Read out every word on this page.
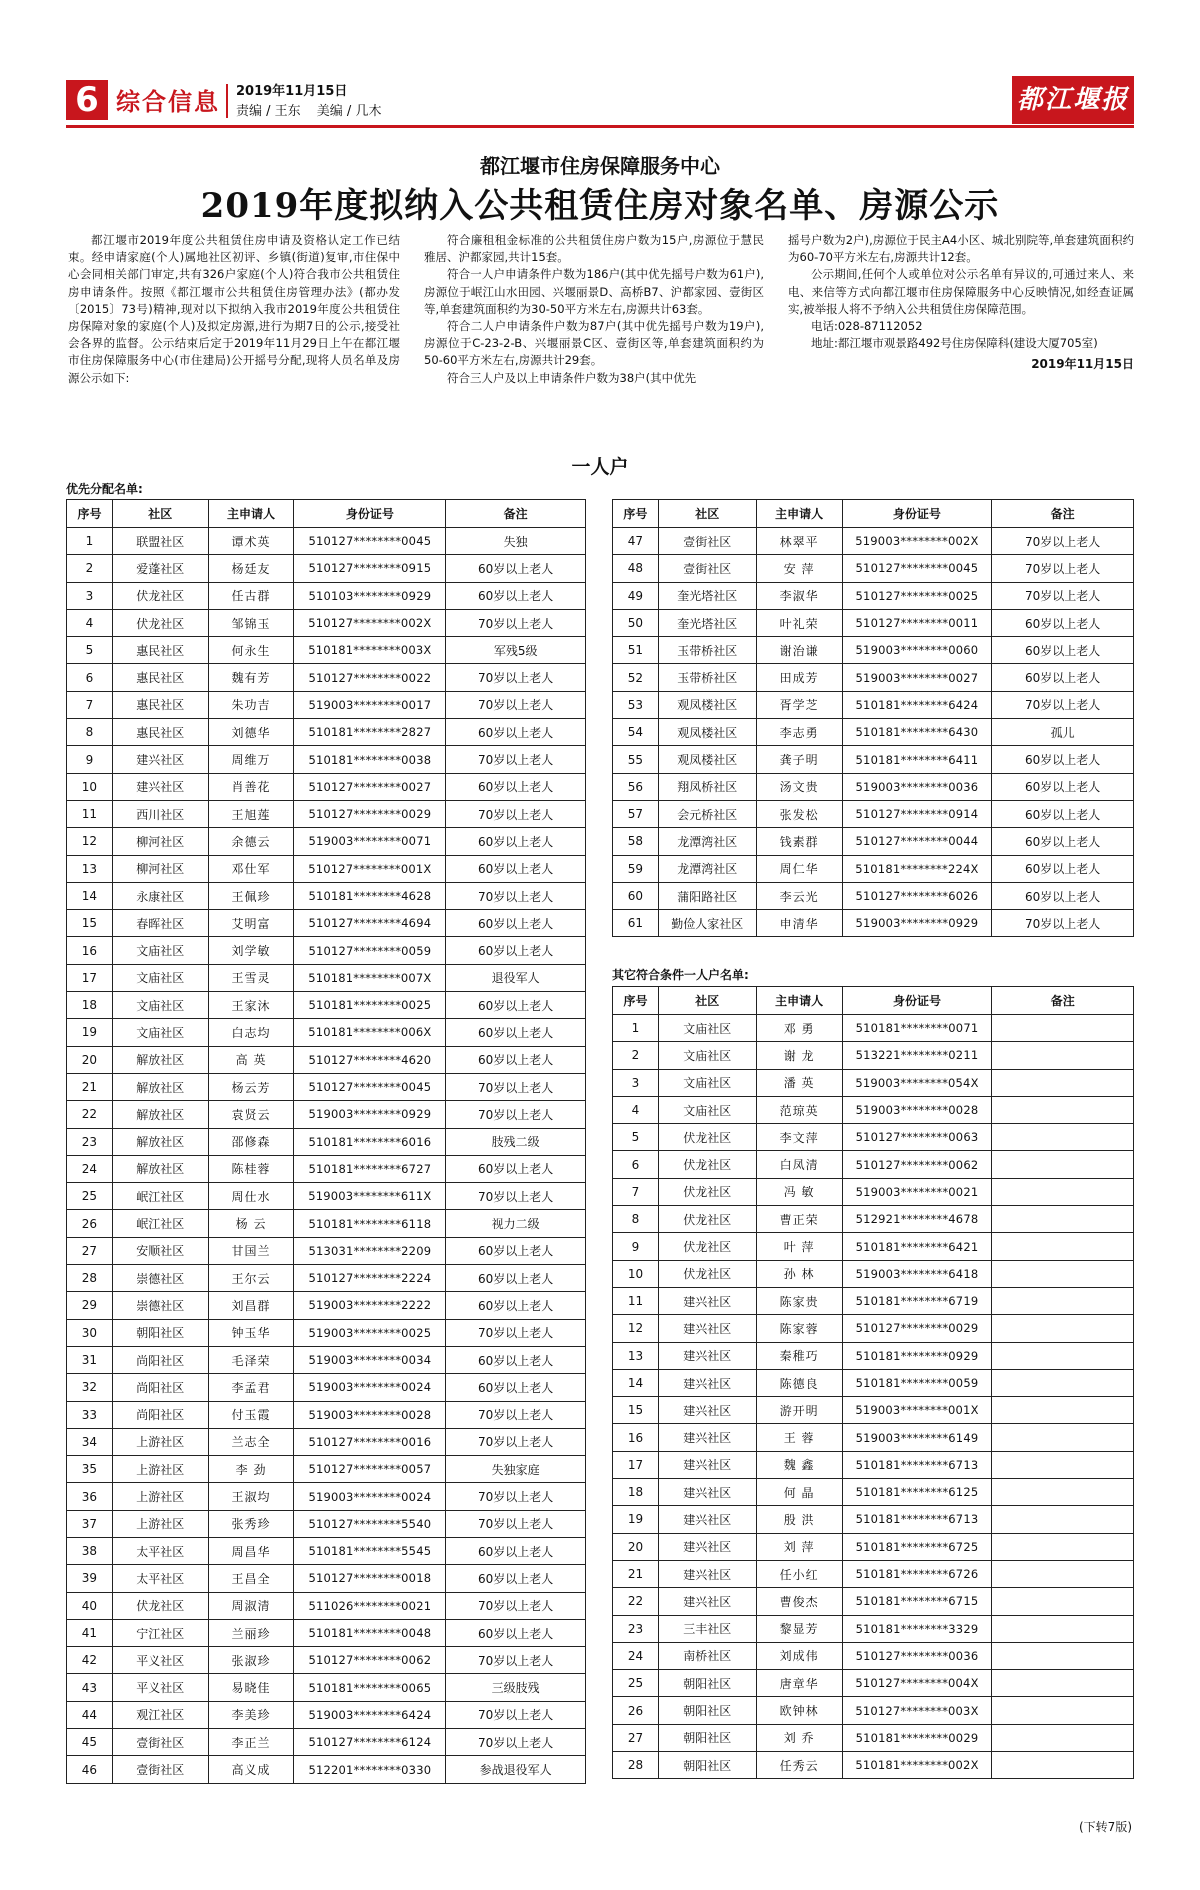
6 综合信息 2019年11月15日
责编 / 王东 美编 / 几木	都江堰报
都江堰市住房保障服务中心
2019年度拟纳入公共租赁住房对象名单、房源公示

都江堰市2019年度公共租赁住房申请及资格认定工作已结束。经申请家庭(个人)属地社区初评、乡镇(街道)复审,市住保中心会同相关部门审定,共有326户家庭(个人)符合我市公共租赁住房申请条件。按照《都江堰市公共租赁住房管理办法》(都办发〔2015〕73号)精神,现对以下拟纳入我市2019年度公共租赁住房保障对象的家庭(个人)及拟定房源,进行为期7日的公示,接受社会各界的监督。公示结束后定于2019年11月29日上午在都江堰市住房保障服务中心(市住建局)公开摇号分配,现将人员名单及房源公示如下:

符合廉租租金标准的公共租赁住房户数为15户,房源位于慧民雅居、沪都家园,共计15套。

符合一人户申请条件户数为186户(其中优先摇号户数为61户),房源位于岷江山水田园、兴堰丽景D、高桥B7、沪都家园、壹街区等,单套建筑面积约为30-50平方米左右,房源共计63套。

符合二人户申请条件户数为87户(其中优先摇号户数为19户),房源位于C-23-2-B、兴堰丽景C区、壹街区等,单套建筑面积约为50-60平方米左右,房源共计29套。

符合三人户及以上申请条件户数为38户(其中优先

摇号户数为2户),房源位于民主A4小区、城北别院等,单套建筑面积约为60-70平方米左右,房源共计12套。

公示期间,任何个人或单位对公示名单有异议的,可通过来人、来电、来信等方式向都江堰市住房保障服务中心反映情况,如经查证属实,被举报人将不予纳入公共租赁住房保障范围。

电话:028-87112052

地址:都江堰市观景路492号住房保障科(建设大厦705室)

2019年11月15日
一人户
优先分配名单:
其它符合条件一人户名单:
序号	社区	主申请人	身份证号	备注
1	联盟社区	谭术英	510127********0045	失独
2	爱蓬社区	杨廷友	510127********0915	60岁以上老人
3	伏龙社区	任古群	510103********0929	60岁以上老人
4	伏龙社区	邹锦玉	510127********002X	70岁以上老人
5	惠民社区	何永生	510181********003X	军残5级
6	惠民社区	魏有芳	510127********0022	70岁以上老人
7	惠民社区	朱功吉	519003********0017	70岁以上老人
8	惠民社区	刘德华	510181********2827	60岁以上老人
9	建兴社区	周维万	510181********0038	70岁以上老人
10	建兴社区	肖善花	510127********0027	60岁以上老人
11	西川社区	王旭莲	510127********0029	70岁以上老人
12	柳河社区	余德云	519003********0071	60岁以上老人
13	柳河社区	邓仕军	510127********001X	60岁以上老人
14	永康社区	王佩珍	510181********4628	70岁以上老人
15	春晖社区	艾明富	510127********4694	60岁以上老人
16	文庙社区	刘学敏	510127********0059	60岁以上老人
17	文庙社区	王雪灵	510181********007X	退役军人
18	文庙社区	王家沐	510181********0025	60岁以上老人
19	文庙社区	白志均	510181********006X	60岁以上老人
20	解放社区	高 英	510127********4620	60岁以上老人
21	解放社区	杨云芳	510127********0045	70岁以上老人
22	解放社区	袁贤云	519003********0929	70岁以上老人
23	解放社区	邵修森	510181********6016	肢残二级
24	解放社区	陈桂蓉	510181********6727	60岁以上老人
25	岷江社区	周仕水	519003********611X	70岁以上老人
26	岷江社区	杨 云	510181********6118	视力二级
27	安顺社区	甘国兰	513031********2209	60岁以上老人
28	崇德社区	王尔云	510127********2224	60岁以上老人
29	崇德社区	刘昌群	519003********2222	60岁以上老人
30	朝阳社区	钟玉华	519003********0025	70岁以上老人
31	尚阳社区	毛泽荣	519003********0034	60岁以上老人
32	尚阳社区	李孟君	519003********0024	60岁以上老人
33	尚阳社区	付玉霞	519003********0028	70岁以上老人
34	上游社区	兰志全	510127********0016	70岁以上老人
35	上游社区	李 劲	510127********0057	失独家庭
36	上游社区	王淑均	519003********0024	70岁以上老人
37	上游社区	张秀珍	510127********5540	70岁以上老人
38	太平社区	周昌华	510181********5545	60岁以上老人
39	太平社区	王昌全	510127********0018	60岁以上老人
40	伏龙社区	周淑清	511026********0021	70岁以上老人
41	宁江社区	兰丽珍	510181********0048	60岁以上老人
42	平义社区	张淑珍	510127********0062	70岁以上老人
43	平义社区	易晓佳	510181********0065	三级肢残
44	观江社区	李美珍	519003********6424	70岁以上老人
45	壹街社区	李正兰	510127********6124	70岁以上老人
46	壹街社区	高义成	512201********0330	参战退役军人
序号	社区	主申请人	身份证号	备注
47	壹街社区	林翠平	519003********002X	70岁以上老人
48	壹街社区	安 萍	510127********0045	70岁以上老人
49	奎光塔社区	李淑华	510127********0025	70岁以上老人
50	奎光塔社区	叶礼荣	510127********0011	60岁以上老人
51	玉带桥社区	谢治谦	519003********0060	60岁以上老人
52	玉带桥社区	田成芳	519003********0027	60岁以上老人
53	观凤楼社区	胥学芝	510181********6424	70岁以上老人
54	观凤楼社区	李志勇	510181********6430	孤儿
55	观凤楼社区	龚子明	510181********6411	60岁以上老人
56	翔凤桥社区	汤文贵	519003********0036	60岁以上老人
57	会元桥社区	张发松	510127********0914	60岁以上老人
58	龙潭湾社区	钱素群	510127********0044	60岁以上老人
59	龙潭湾社区	周仁华	510181********224X	60岁以上老人
60	蒲阳路社区	李云光	510127********6026	60岁以上老人
61	勤俭人家社区	申清华	519003********0929	70岁以上老人
序号	社区	主申请人	身份证号	备注
1	文庙社区	邓 勇	510181********0071	
2	文庙社区	谢 龙	513221********0211	
3	文庙社区	潘 英	519003********054X	
4	文庙社区	范琼英	519003********0028	
5	伏龙社区	李文萍	510127********0063	
6	伏龙社区	白凤清	510127********0062	
7	伏龙社区	冯 敏	519003********0021	
8	伏龙社区	曹正荣	512921********4678	
9	伏龙社区	叶 萍	510181********6421	
10	伏龙社区	孙 林	519003********6418	
11	建兴社区	陈家贵	510181********6719	
12	建兴社区	陈家蓉	510127********0029	
13	建兴社区	秦稚巧	510181********0929	
14	建兴社区	陈德良	510181********0059	
15	建兴社区	游开明	519003********001X	
16	建兴社区	王 蓉	519003********6149	
17	建兴社区	魏 鑫	510181********6713	
18	建兴社区	何 晶	510181********6125	
19	建兴社区	殷 洪	510181********6713	
20	建兴社区	刘 萍	510181********6725	
21	建兴社区	任小红	510181********6726	
22	建兴社区	曹俊杰	510181********6715	
23	三丰社区	黎显芳	510181********3329	
24	南桥社区	刘成伟	510127********0036	
25	朝阳社区	唐章华	510127********004X	
26	朝阳社区	欧钟林	510127********003X	
27	朝阳社区	刘 乔	510181********0029	
28	朝阳社区	任秀云	510181********002X	
(下转7版)
